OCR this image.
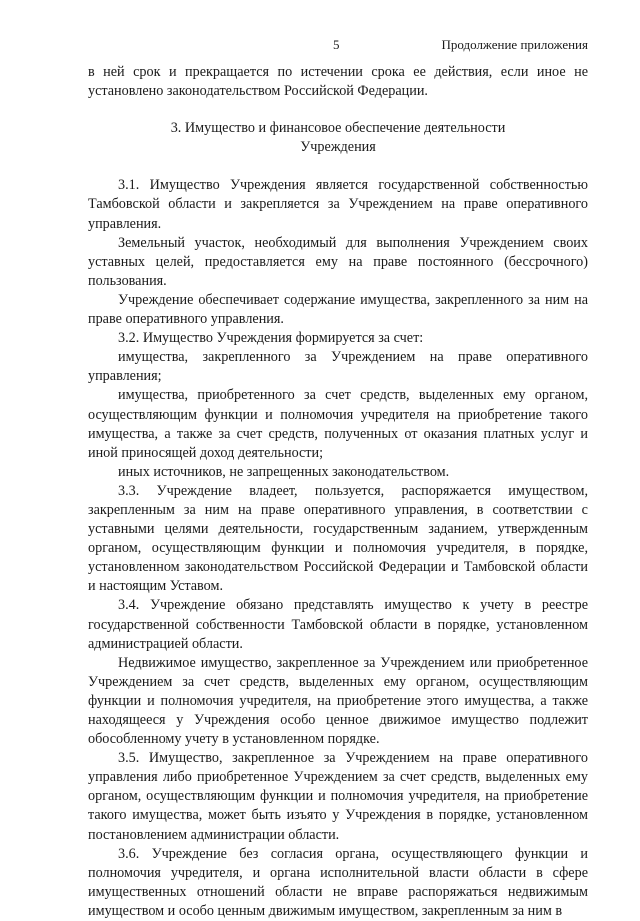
5	Продолжение приложения

в ней срок и прекращается по истечении срока ее действия, если иное не установлено законодательством Российской Федерации.

3. Имущество и финансовое обеспечение деятельности
Учреждения

3.1. Имущество Учреждения является государственной собственностью Тамбовской области и закрепляется за Учреждением на праве оперативного управления.

Земельный участок, необходимый для выполнения Учреждением своих уставных целей, предоставляется ему на праве постоянного (бессрочного) пользования.

Учреждение обеспечивает содержание имущества, закрепленного за ним на праве оперативного управления.

3.2. Имущество Учреждения формируется за счет:

имущества, закрепленного за Учреждением на праве оперативного управления;

имущества, приобретенного за счет средств, выделенных ему органом, осуществляющим функции и полномочия учредителя на приобретение такого имущества, а также за счет средств, полученных от оказания платных услуг и иной приносящей доход деятельности;

иных источников, не запрещенных законодательством.

3.3. Учреждение владеет, пользуется, распоряжается имуществом, закрепленным за ним на праве оперативного управления, в соответствии с уставными целями деятельности, государственным заданием, утвержденным органом, осуществляющим функции и полномочия учредителя, в порядке, установленном законодательством Российской Федерации и Тамбовской области и настоящим Уставом.

3.4. Учреждение обязано представлять имущество к учету в реестре государственной собственности Тамбовской области в порядке, установленном администрацией области.

Недвижимое имущество, закрепленное за Учреждением или приобретенное Учреждением за счет средств, выделенных ему органом, осуществляющим функции и полномочия учредителя, на приобретение этого имущества, а также находящееся у Учреждения особо ценное движимое имущество подлежит обособленному учету в установленном порядке.

3.5. Имущество, закрепленное за Учреждением на праве оперативного управления либо приобретенное Учреждением за счет средств, выделенных ему органом, осуществляющим функции и полномочия учредителя, на приобретение такого имущества, может быть изъято у Учреждения в порядке, установленном постановлением администрации области.

3.6. Учреждение без согласия органа, осуществляющего функции и полномочия учредителя, и органа исполнительной власти области в сфере имущественных отношений области не вправе распоряжаться недвижимым имуществом и особо ценным движимым имуществом, закрепленным за ним в
